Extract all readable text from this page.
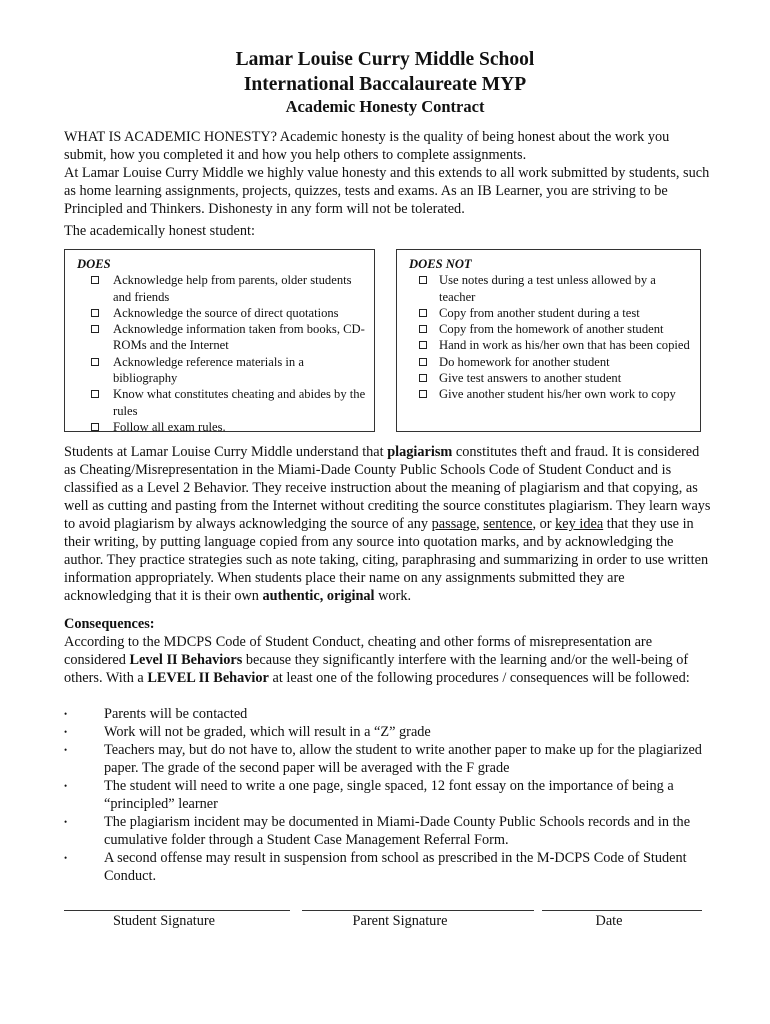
Lamar Louise Curry Middle School
International Baccalaureate MYP
Academic Honesty Contract
WHAT IS ACADEMIC HONESTY? Academic honesty is the quality of being honest about the work you submit, how you completed it and how you help others to complete assignments.
At Lamar Louise Curry Middle we highly value honesty and this extends to all work submitted by students, such as home learning assignments, projects, quizzes, tests and exams. As an IB Learner, you are striving to be Principled and Thinkers. Dishonesty in any form will not be tolerated.
The academically honest student:
DOES
Acknowledge help from parents, older students and friends
Acknowledge the source of direct quotations
Acknowledge information taken from books, CD-ROMs and the Internet
Acknowledge reference materials in a bibliography
Know what constitutes cheating and abides by the rules
Follow all exam rules.
DOES NOT
Use notes during a test unless allowed by a teacher
Copy from another student during a test
Copy from the homework of another student
Hand in work as his/her own that has been copied
Do homework for another student
Give test answers to another student
Give another student his/her own work to copy
Students at Lamar Louise Curry Middle understand that plagiarism constitutes theft and fraud. It is considered as Cheating/Misrepresentation in the Miami-Dade County Public Schools Code of Student Conduct and is classified as a Level 2 Behavior. They receive instruction about the meaning of plagiarism and that copying, as well as cutting and pasting from the Internet without crediting the source constitutes plagiarism. They learn ways to avoid plagiarism by always acknowledging the source of any passage, sentence, or key idea that they use in their writing, by putting language copied from any source into quotation marks, and by acknowledging the author. They practice strategies such as note taking, citing, paraphrasing and summarizing in order to use written information appropriately. When students place their name on any assignments submitted they are acknowledging that it is their own authentic, original work.
Consequences:
According to the MDCPS Code of Student Conduct, cheating and other forms of misrepresentation are considered Level II Behaviors because they significantly interfere with the learning and/or the well-being of others. With a LEVEL II Behavior at least one of the following procedures / consequences will be followed:
•	Parents will be contacted
•	Work will not be graded, which will result in a “Z” grade
•	Teachers may, but do not have to, allow the student to write another paper to make up for the plagiarized paper. The grade of the second paper will be averaged with the F grade
•	The student will need to write a one page, single spaced, 12 font essay on the importance of being a “principled” learner
•	The plagiarism incident may be documented in Miami-Dade County Public Schools records and in the cumulative folder through a Student Case Management Referral Form.
•	A second offense may result in suspension from school as prescribed in the M-DCPS Code of Student Conduct.
Student Signature	Parent Signature	Date
